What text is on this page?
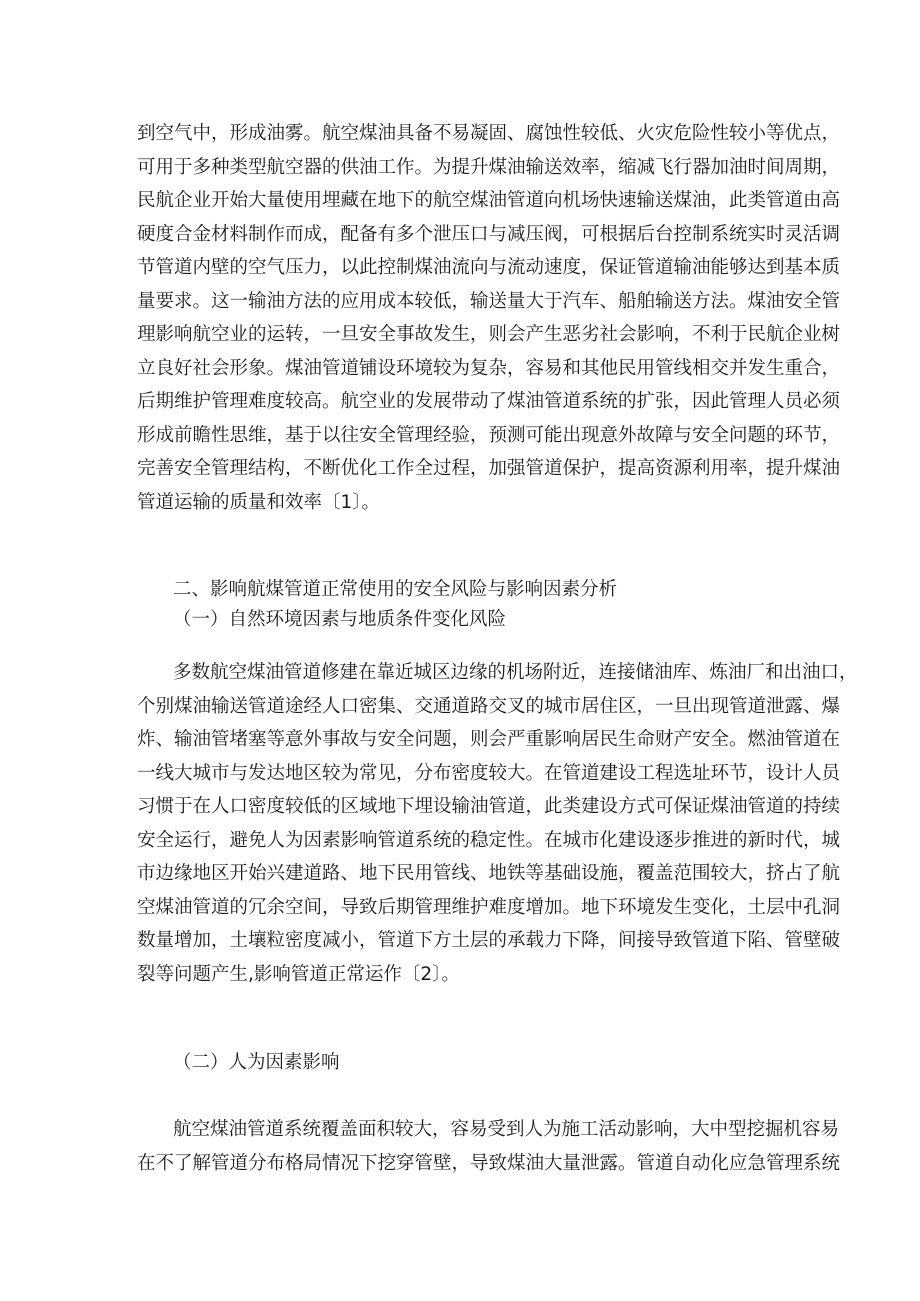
到空气中，形成油雾。航空煤油具备不易凝固、腐蚀性较低、火灾危险性较小等优点，
可用于多种类型航空器的供油工作。为提升煤油输送效率，缩减飞行器加油时间周期，
民航企业开始大量使用埋藏在地下的航空煤油管道向机场快速输送煤油，此类管道由高
硬度合金材料制作而成，配备有多个泄压口与减压阀，可根据后台控制系统实时灵活调
节管道内壁的空气压力，以此控制煤油流向与流动速度，保证管道输油能够达到基本质
量要求。这一输油方法的应用成本较低，输送量大于汽车、船舶输送方法。煤油安全管
理影响航空业的运转，一旦安全事故发生，则会产生恶劣社会影响，不利于民航企业树
立良好社会形象。煤油管道铺设环境较为复杂，容易和其他民用管线相交并发生重合，
后期维护管理难度较高。航空业的发展带动了煤油管道系统的扩张，因此管理人员必须
形成前瞻性思维，基于以往安全管理经验，预测可能出现意外故障与安全问题的环节，
完善安全管理结构，不断优化工作全过程，加强管道保护，提高资源利用率，提升煤油
管道运输的质量和效率〔1〕。
二、影响航煤管道正常使用的安全风险与影响因素分析
（一）自然环境因素与地质条件变化风险
多数航空煤油管道修建在靠近城区边缘的机场附近，连接储油库、炼油厂和出油口，
个别煤油输送管道途经人口密集、交通道路交叉的城市居住区，一旦出现管道泄露、爆
炸、输油管堵塞等意外事故与安全问题，则会严重影响居民生命财产安全。燃油管道在
一线大城市与发达地区较为常见，分布密度较大。在管道建设工程选址环节，设计人员
习惯于在人口密度较低的区域地下埋设输油管道，此类建设方式可保证煤油管道的持续
安全运行，避免人为因素影响管道系统的稳定性。在城市化建设逐步推进的新时代，城
市边缘地区开始兴建道路、地下民用管线、地铁等基础设施，覆盖范围较大，挤占了航
空煤油管道的冗余空间，导致后期管理维护难度增加。地下环境发生变化，土层中孔洞
数量增加，土壤粒密度减小，管道下方土层的承载力下降，间接导致管道下陷、管壁破
裂等问题产生,影响管道正常运作〔2〕。
（二）人为因素影响
航空煤油管道系统覆盖面积较大，容易受到人为施工活动影响，大中型挖掘机容易
在不了解管道分布格局情况下挖穿管壁，导致煤油大量泄露。管道自动化应急管理系统
